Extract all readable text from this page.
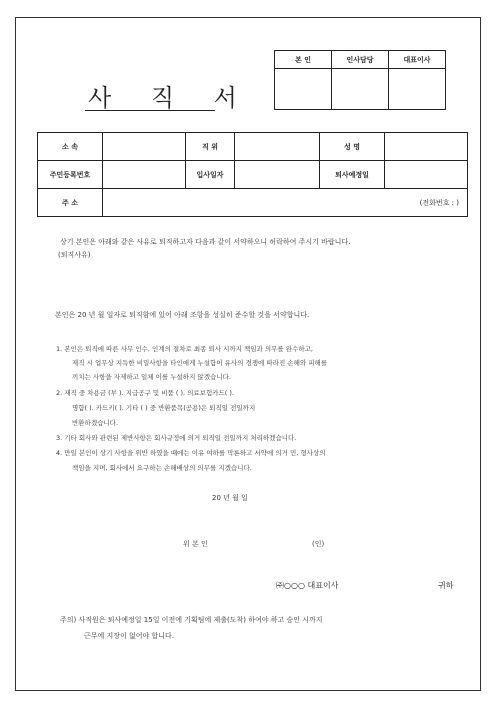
사 직 서
본 인	인사담당	대표이사

소 속		직 위		성 명	
주민등록번호		입사일자		퇴사예정일	
주 소	(전화번호 : )				
상기 본인은 아래와 같은 사유로 퇴직하고자 다음과 같이 서약하오니 허락하여 주시기 바랍니다.
(퇴직사유)
본인은 20 년 월 일자로 퇴직함에 있어 아래 조항을 성실히 준수할 것을 서약합니다.
1. 본인은 퇴직에 따른 사무 인수, 인계의 절차로 최종 퇴사 시까지 책임과 의무를 완수하고,
재직 시 업무상 지득한 비밀사항을 타인에게 누설함이 유사의 경쟁에 따라진 손해와 피해를
끼치는 사항을 자제하고 일체 이를 누설하지 않겠습니다.
2. 재직 중 차용금 (부 ). 지급공구 및 비품 ( ). 의료보험카드( ).
명함( ). 카드키( ). 기타 ( ) 중 반환품목(공용)은 퇴직일 전일까지
반환하겠습니다.
3. 기타 회사와 관련된 제반사항은 회사규정에 의거 퇴직일 전일까지 처리하겠습니다.
4. 만일 본인이 상기 사항을 위반 하였을 때에는 이유 여하를 막론하고 서약에 의거 민, 형사상의
책임을 지며, 회사에서 요구하는 손해배상의 의무를 지겠습니다.
20 년 월 일
위 본 인	(인)
㈜○○○ 대표이사	귀하
주의) 사직원은 퇴사예정일 15일 이전에 기획팀에 제출(도착) 하여야 하고 승인 시까지
근무에 지장이 없어야 합니다.
